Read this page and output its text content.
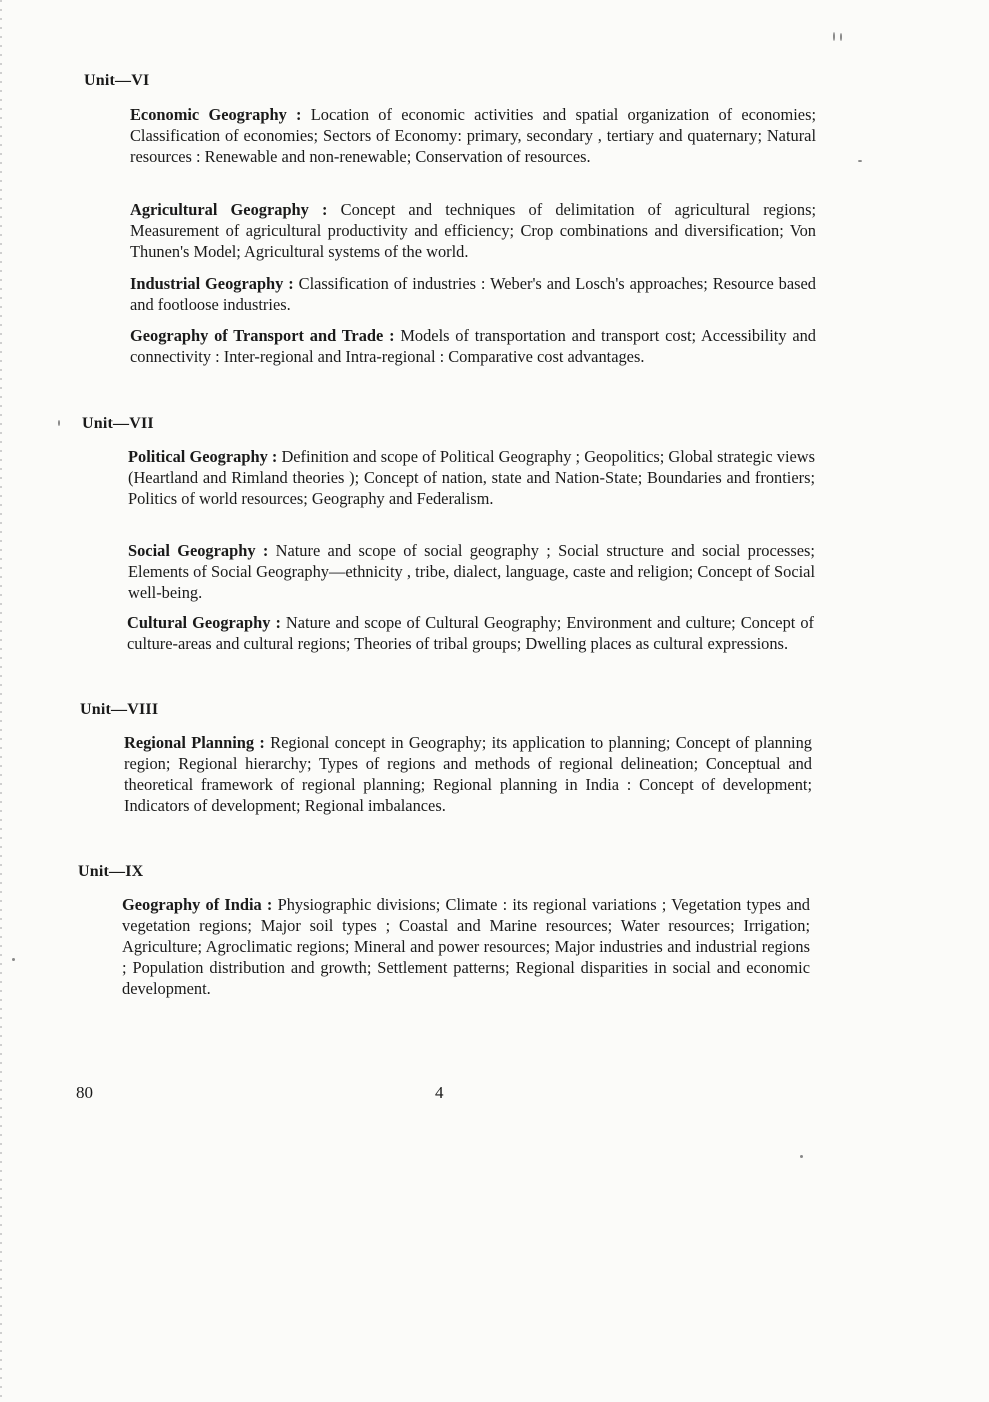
Unit—VI

Economic Geography : Location of economic activities and spatial organization of economies; Classification of economies; Sectors of Economy: primary, secondary , tertiary and quaternary; Natural resources : Renewable and non-renewable; Conservation of resources.

Agricultural Geography : Concept and techniques of delimitation of agricultural regions; Measurement of agricultural productivity and efficiency; Crop combinations and diversification; Von Thunen's Model; Agricultural systems of the world.

Industrial Geography : Classification of industries : Weber's and Losch's approaches; Resource based and footloose industries.

Geography of Transport and Trade : Models of transportation and transport cost; Accessibility and connectivity : Inter-regional and Intra-regional : Comparative cost advantages.

Unit—VII

Political Geography : Definition and scope of Political Geography ; Geopolitics; Global strategic views (Heartland and Rimland theories ); Concept of nation, state and Nation-State; Boundaries and frontiers; Politics of world resources; Geography and Federalism.

Social Geography : Nature and scope of social geography ; Social structure and social processes; Elements of Social Geography—ethnicity , tribe, dialect, language, caste and religion; Concept of Social well-being.

Cultural Geography : Nature and scope of Cultural Geography; Environment and culture; Concept of culture-areas and cultural regions; Theories of tribal groups; Dwelling places as cultural expressions.

Unit—VIII

Regional Planning : Regional concept in Geography; its application to planning; Concept of planning region; Regional hierarchy; Types of regions and methods of regional delineation; Conceptual and theoretical framework of regional planning; Regional planning in India : Concept of development; Indicators of development; Regional imbalances.

Unit—IX

Geography of India : Physiographic divisions; Climate : its regional variations ; Vegetation types and vegetation regions; Major soil types ; Coastal and Marine resources; Water resources; Irrigation; Agriculture; Agroclimatic regions; Mineral and power resources; Major industries and industrial regions ; Population distribution and growth; Settlement patterns; Regional disparities in social and economic development.

80	4
